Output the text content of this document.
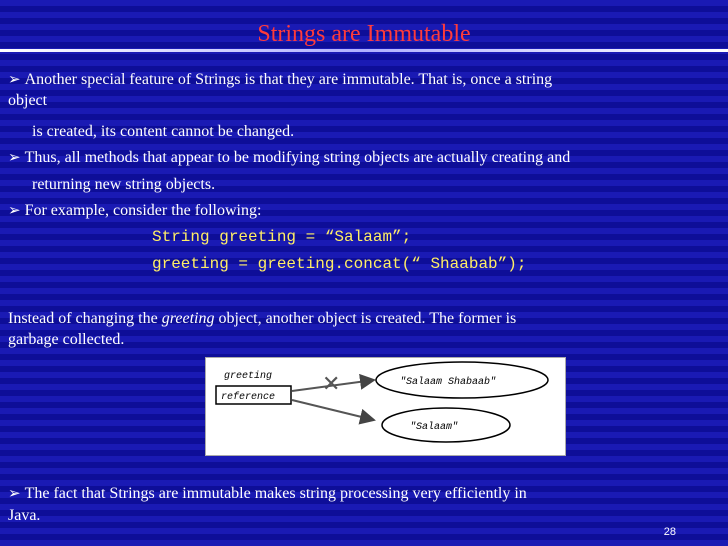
Strings are Immutable
➢ Another special feature of Strings is that they are immutable. That is, once a string
object
is created, its content cannot be changed.
➢ Thus, all methods that appear to be modifying string objects are actually creating and
returning new string objects.
➢ For example, consider the following:
String greeting = “Salaam”;
greeting = greeting.concat(“ Shaabab”);
Instead of changing the greeting object, another object is created. The former is
garbage collected.
greeting
reference
✕	"Salaam Shabaab"
"Salaam"
➢ The fact that Strings are immutable makes string processing very efficiently in
Java.
28
